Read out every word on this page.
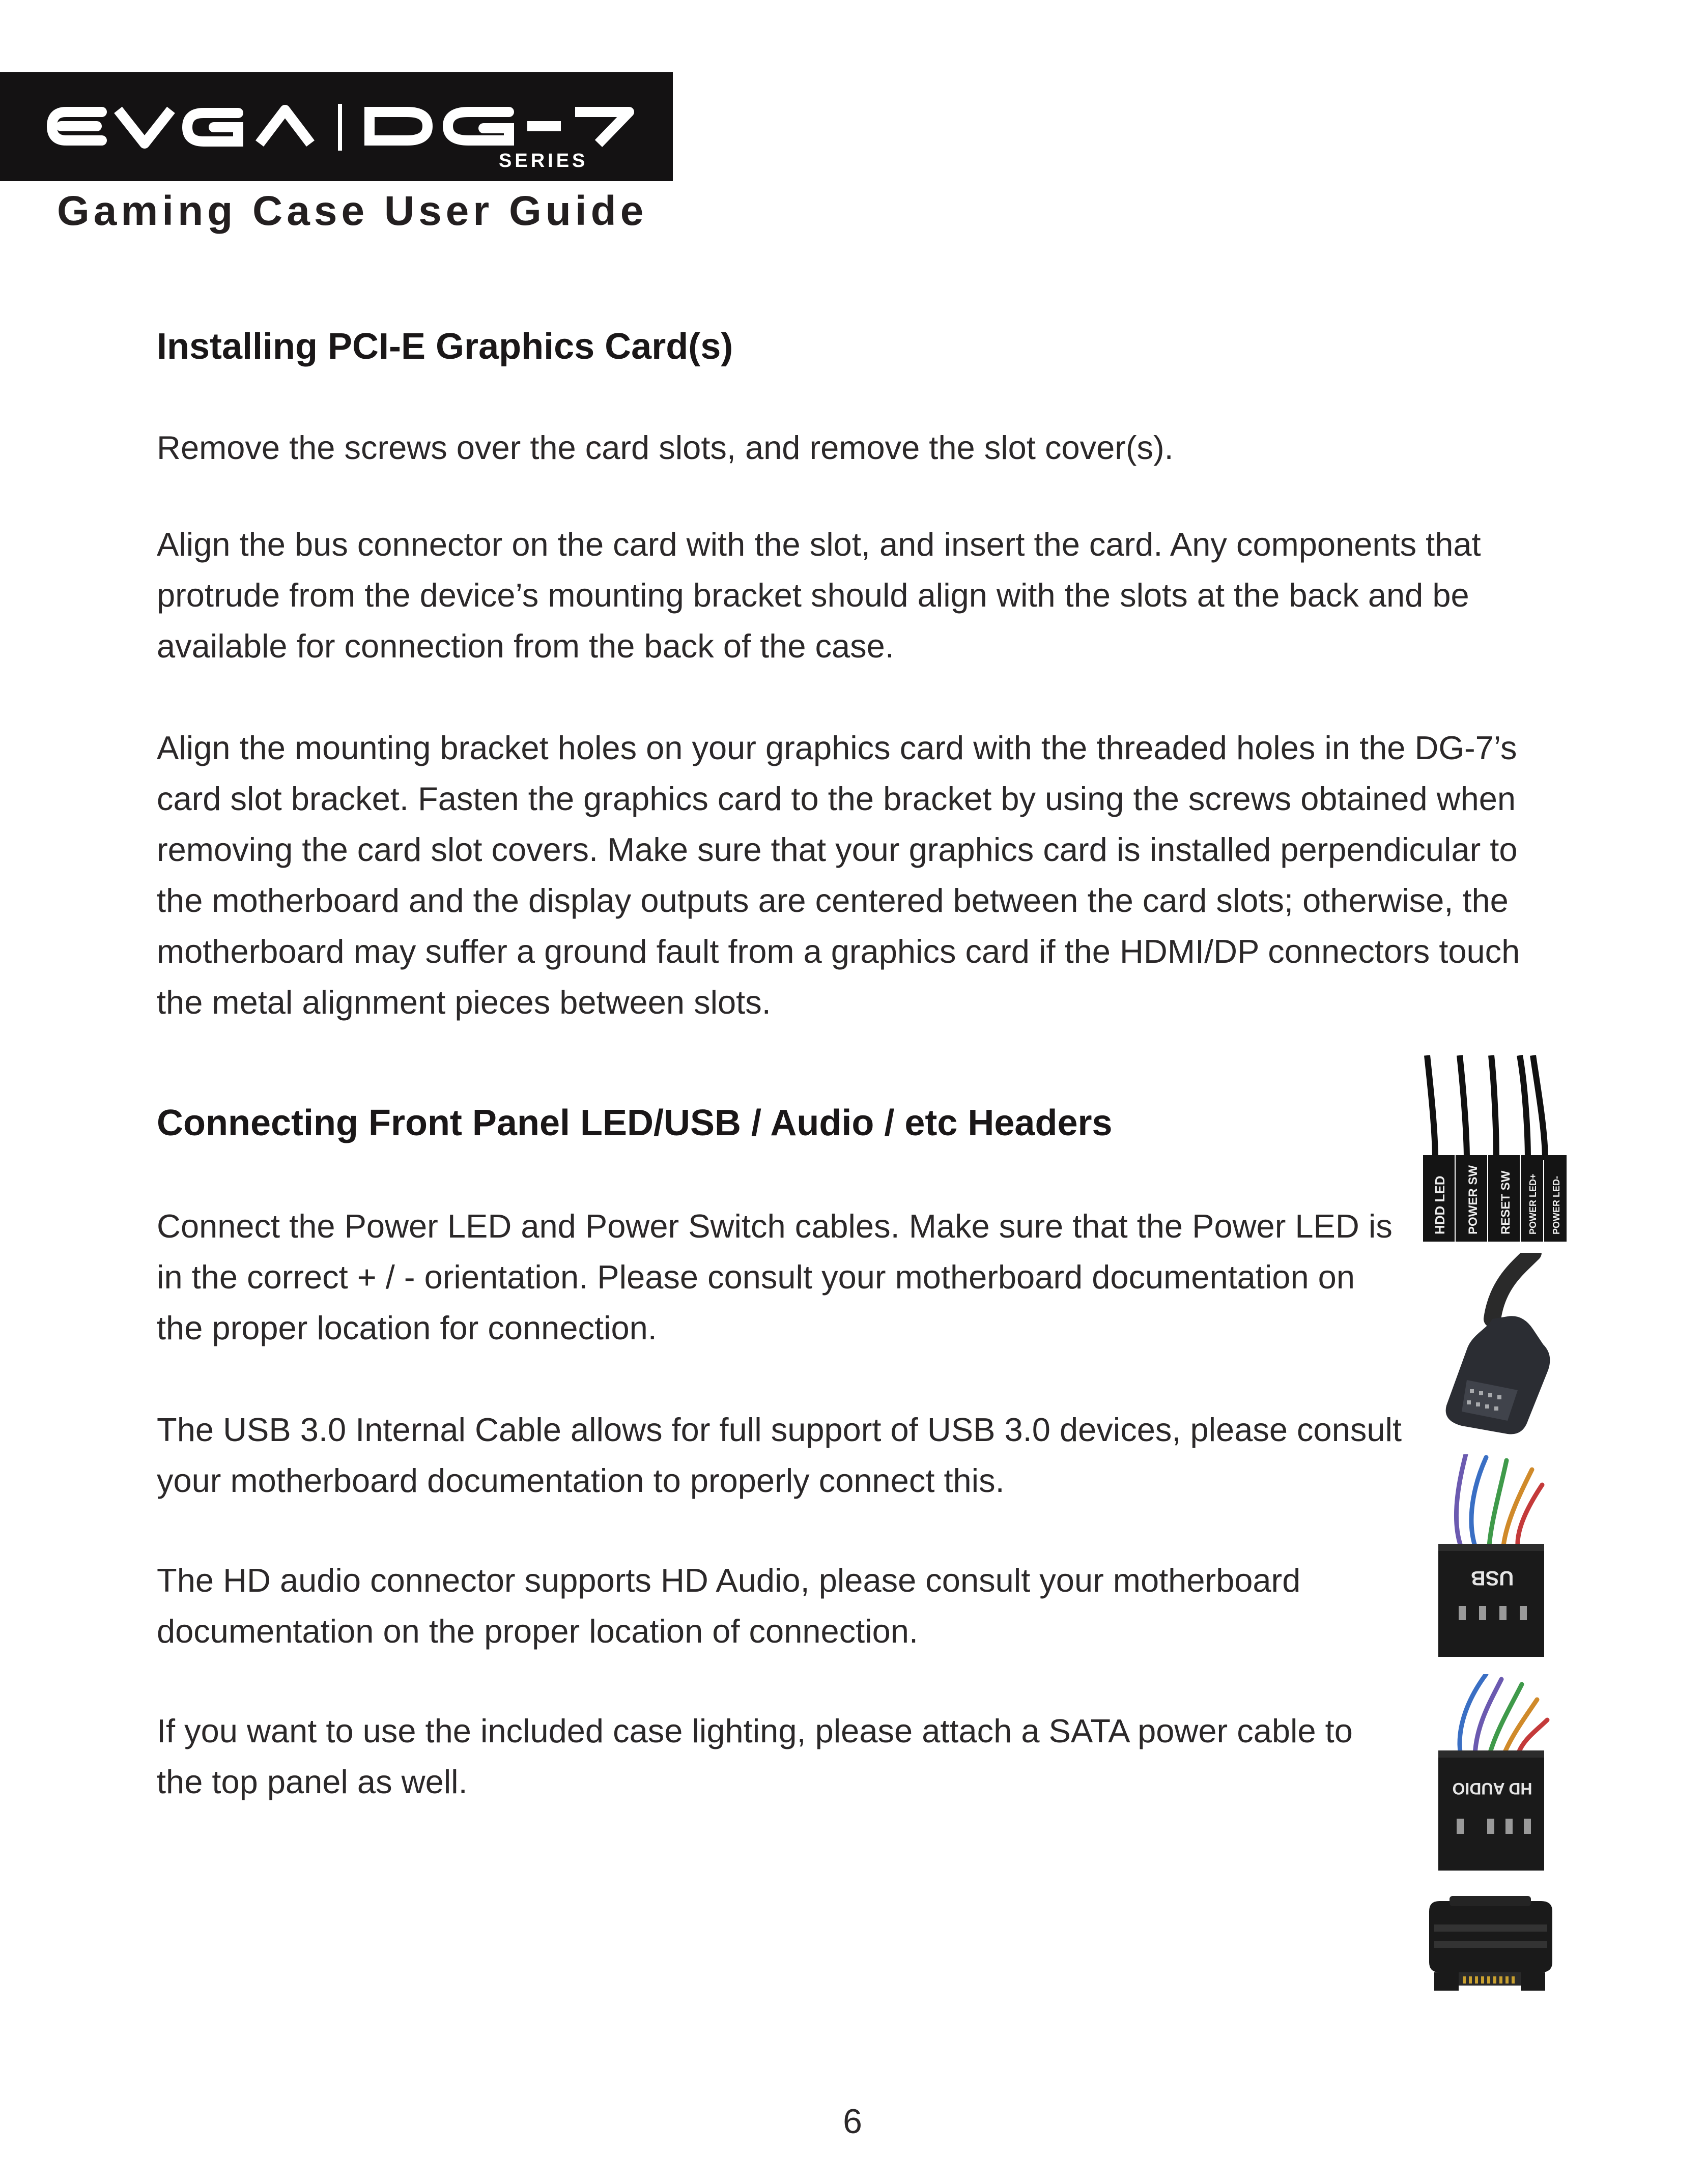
SERIES
Gaming Case User Guide
Installing PCI-E Graphics Card(s)

Remove the screws over the card slots, and remove the slot cover(s).

Align the bus connector on the card with the slot, and insert the card. Any components that protrude from the device’s mounting bracket should align with the slots at the back and be available for connection from the back of the case.

Align the mounting bracket holes on your graphics card with the threaded holes in the DG-7’s card slot bracket. Fasten the graphics card to the bracket by using the screws obtained when removing the card slot covers. Make sure that your graphics card is installed perpendicular to the motherboard and the display outputs are centered between the card slots; otherwise, the motherboard may suffer a ground fault from a graphics card if the HDMI/DP connectors touch the metal alignment pieces between slots.

Connecting Front Panel LED/USB / Audio / etc Headers

Connect the Power LED and Power Switch cables. Make sure that the Power LED is in the correct + / - orientation. Please consult your motherboard documentation on the proper location for connection.

The USB 3.0 Internal Cable allows for full support of USB 3.0 devices, please consult your motherboard documentation to properly connect this.

The HD audio connector supports HD Audio, please consult your motherboard documentation on the proper location of connection.

If you want to use the included case lighting, please attach a SATA power cable to the top panel as well.

HDD LED POWER SW RESET SW POWER LED+ POWER LED-
USB
HD AUDIO
6
